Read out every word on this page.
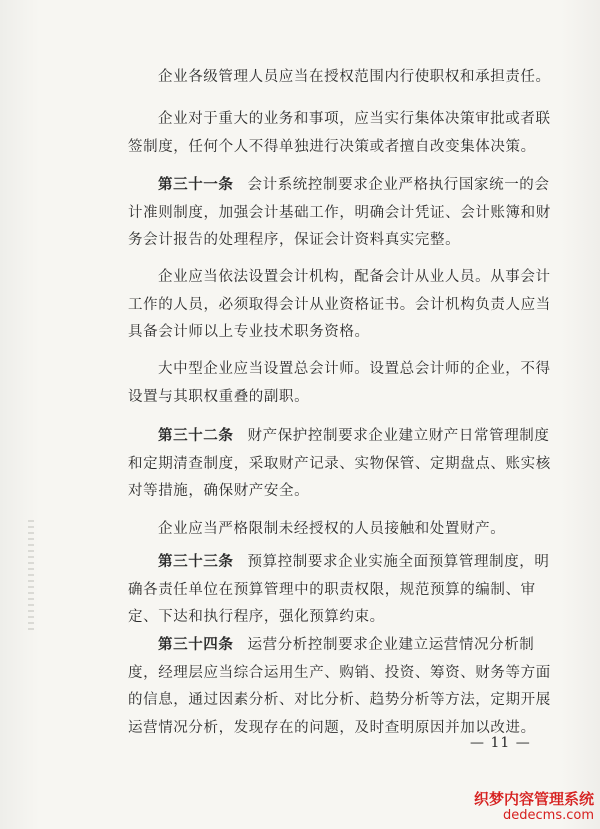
企业各级管理人员应当在授权范围内行使职权和承担责任。

企业对于重大的业务和事项，应当实行集体决策审批或者联签制度，任何个人不得单独进行决策或者擅自改变集体决策。

第三十一条 会计系统控制要求企业严格执行国家统一的会计准则制度，加强会计基础工作，明确会计凭证、会计账簿和财务会计报告的处理程序，保证会计资料真实完整。

企业应当依法设置会计机构，配备会计从业人员。从事会计工作的人员，必须取得会计从业资格证书。会计机构负责人应当具备会计师以上专业技术职务资格。

大中型企业应当设置总会计师。设置总会计师的企业，不得设置与其职权重叠的副职。

第三十二条 财产保护控制要求企业建立财产日常管理制度和定期清查制度，采取财产记录、实物保管、定期盘点、账实核对等措施，确保财产安全。

企业应当严格限制未经授权的人员接触和处置财产。

第三十三条 预算控制要求企业实施全面预算管理制度，明确各责任单位在预算管理中的职责权限，规范预算的编制、审定、下达和执行程序，强化预算约束。

第三十四条 运营分析控制要求企业建立运营情况分析制度，经理层应当综合运用生产、购销、投资、筹资、财务等方面的信息，通过因素分析、对比分析、趋势分析等方法，定期开展运营情况分析，发现存在的问题，及时查明原因并加以改进。

— 11 —
织梦内容管理系统
dedecms.com
